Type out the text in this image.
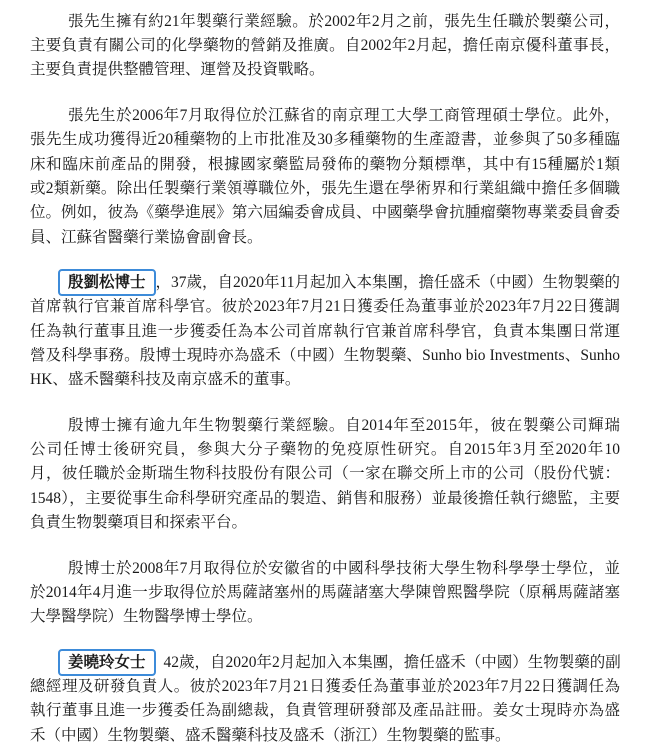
張先生擁有約21年製藥行業經驗。於2002年2月之前，張先生任職於製藥公司，
主要負責有關公司的化學藥物的營銷及推廣。自2002年2月起，擔任南京優科董事長，
主要負責提供整體管理、運營及投資戰略。
張先生於2006年7月取得位於江蘇省的南京理工大學工商管理碩士學位。此外，
張先生成功獲得近20種藥物的上市批准及30多種藥物的生產證書，並參與了50多種臨
床和臨床前產品的開發，根據國家藥監局發佈的藥物分類標準，其中有15種屬於1類
或2類新藥。除出任製藥行業領導職位外，張先生還在學術界和行業組織中擔任多個職
位。例如，彼為《藥學進展》第六屆編委會成員、中國藥學會抗腫瘤藥物專業委員會委
員、江蘇省醫藥行業協會副會長。
殷劉松博士 ，37歲，自2020年11月起加入本集團，擔任盛禾（中國）生物製藥的
首席執行官兼首席科學官。彼於2023年7月21日獲委任為董事並於2023年7月22日獲調
任為執行董事且進一步獲委任為本公司首席執行官兼首席科學官，負責本集團日常運
營及科學事務。殷博士現時亦為盛禾（中國）生物製藥、Sunho bio Investments、Sunho
HK、盛禾醫藥科技及南京盛禾的董事。
殷博士擁有逾九年生物製藥行業經驗。自2014年至2015年，彼在製藥公司輝瑞
公司任博士後研究員，參與大分子藥物的免疫原性研究。自2015年3月至2020年10
月，彼任職於金斯瑞生物科技股份有限公司（一家在聯交所上市的公司（股份代號：
1548），主要從事生命科學研究產品的製造、銷售和服務）並最後擔任執行總監，主要
負責生物製藥項目和探索平台。
殷博士於2008年7月取得位於安徽省的中國科學技術大學生物科學學士學位，並
於2014年4月進一步取得位於馬薩諸塞州的馬薩諸塞大學陳曾熙醫學院（原稱馬薩諸塞
大學醫學院）生物醫學博士學位。
姜曉玲女士 42歲，自2020年2月起加入本集團，擔任盛禾（中國）生物製藥的副
總經理及研發負責人。彼於2023年7月21日獲委任為董事並於2023年7月22日獲調任為
執行董事且進一步獲委任為副總裁，負責管理研發部及產品註冊。姜女士現時亦為盛
禾（中國）生物製藥、盛禾醫藥科技及盛禾（浙江）生物製藥的監事。
